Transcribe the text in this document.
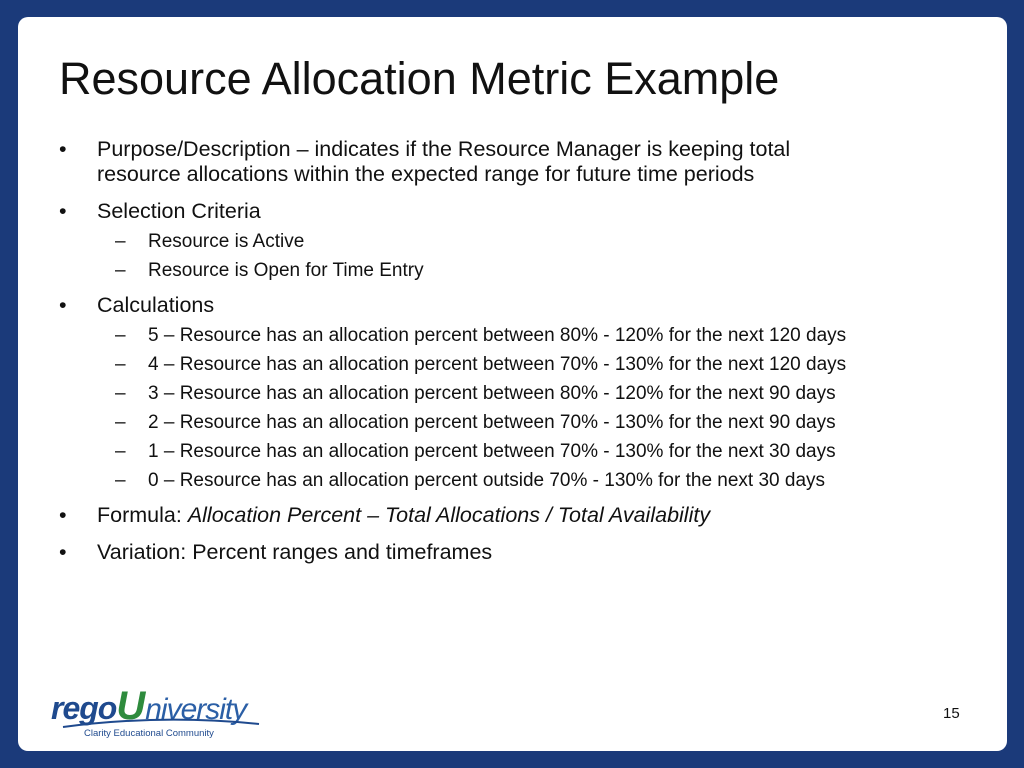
Resource Allocation Metric Example
• Purpose/Description – indicates if the Resource Manager is keeping total
resource allocations within the expected range for future time periods
• Selection Criteria
– Resource is Active
– Resource is Open for Time Entry
• Calculations
– 5 – Resource has an allocation percent between 80% - 120% for the next 120 days
– 4 – Resource has an allocation percent between 70% - 130% for the next 120 days
– 3 – Resource has an allocation percent between 80% - 120% for the next 90 days
– 2 – Resource has an allocation percent between 70% - 130% for the next 90 days
– 1 – Resource has an allocation percent between 70% - 130% for the next 30 days
– 0 – Resource has an allocation percent outside 70% - 130% for the next 30 days
• Formula: Allocation Percent – Total Allocations / Total Availability
• Variation: Percent ranges and timeframes
regoUniversity
Clarity Educational Community
15
